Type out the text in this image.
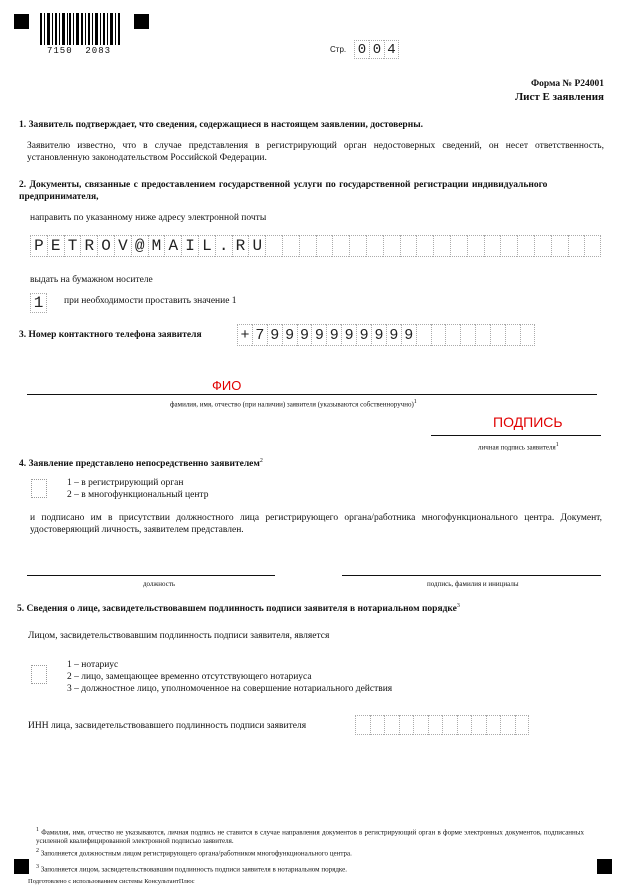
7150  2083	Стр. 0 0 4
Форма № Р24001
Лист Е заявления
1. Заявитель подтверждает, что сведения, содержащиеся в настоящем заявлении, достоверны.
Заявителю известно, что в случае представления в регистрирующий орган недостоверных сведений, он несет ответственность, установленную законодательством Российской Федерации.
2. Документы, связанные с предоставлением государственной услуги по государственной регистрации индивидуального предпринимателя,
направить по указанному ниже адресу электронной почты
P E T R O V @ M A I L . R U
выдать на бумажном носителе
1	при необходимости проставить значение 1
3. Номер контактного телефона заявителя	+ 7 9 9 9 9 9 9 9 9 9 9
ФИО
фамилия, имя, отчество (при наличии) заявителя (указываются собственноручно)$^1$
ПОДПИСЬ
личная подпись заявителя$^1$
4. Заявление представлено непосредственно заявителем$^2$
1 – в регистрирующий орган
2 – в многофункциональный центр
и подписано им в присутствии должностного лица регистрирующего органа/работника многофункционального центра. Документ, удостоверяющий личность, заявителем представлен.
должность	подпись, фамилия и инициалы
5. Сведения о лице, засвидетельствовавшем подлинность подписи заявителя в нотариальном порядке$^3$
Лицом, засвидетельствовавшим подлинность подписи заявителя, является
1 – нотариус
2 – лицо, замещающее временно отсутствующего нотариуса
3 – должностное лицо, уполномоченное на совершение нотариального действия
ИНН лица, засвидетельствовавшего подлинность подписи заявителя
$^1$ Фамилия, имя, отчество не указываются, личная подпись не ставится в случае направления документов в регистрирующий орган в форме электронных документов, подписанных усиленной квалифицированной электронной подписью заявителя.
$^2$ Заполняется должностным лицом регистрирующего органа/работником многофункционального центра.
$^3$ Заполняется лицом, засвидетельствовавшим подлинность подписи заявителя в нотариальном порядке.
Подготовлено с использованием системы КонсультантПлюс
